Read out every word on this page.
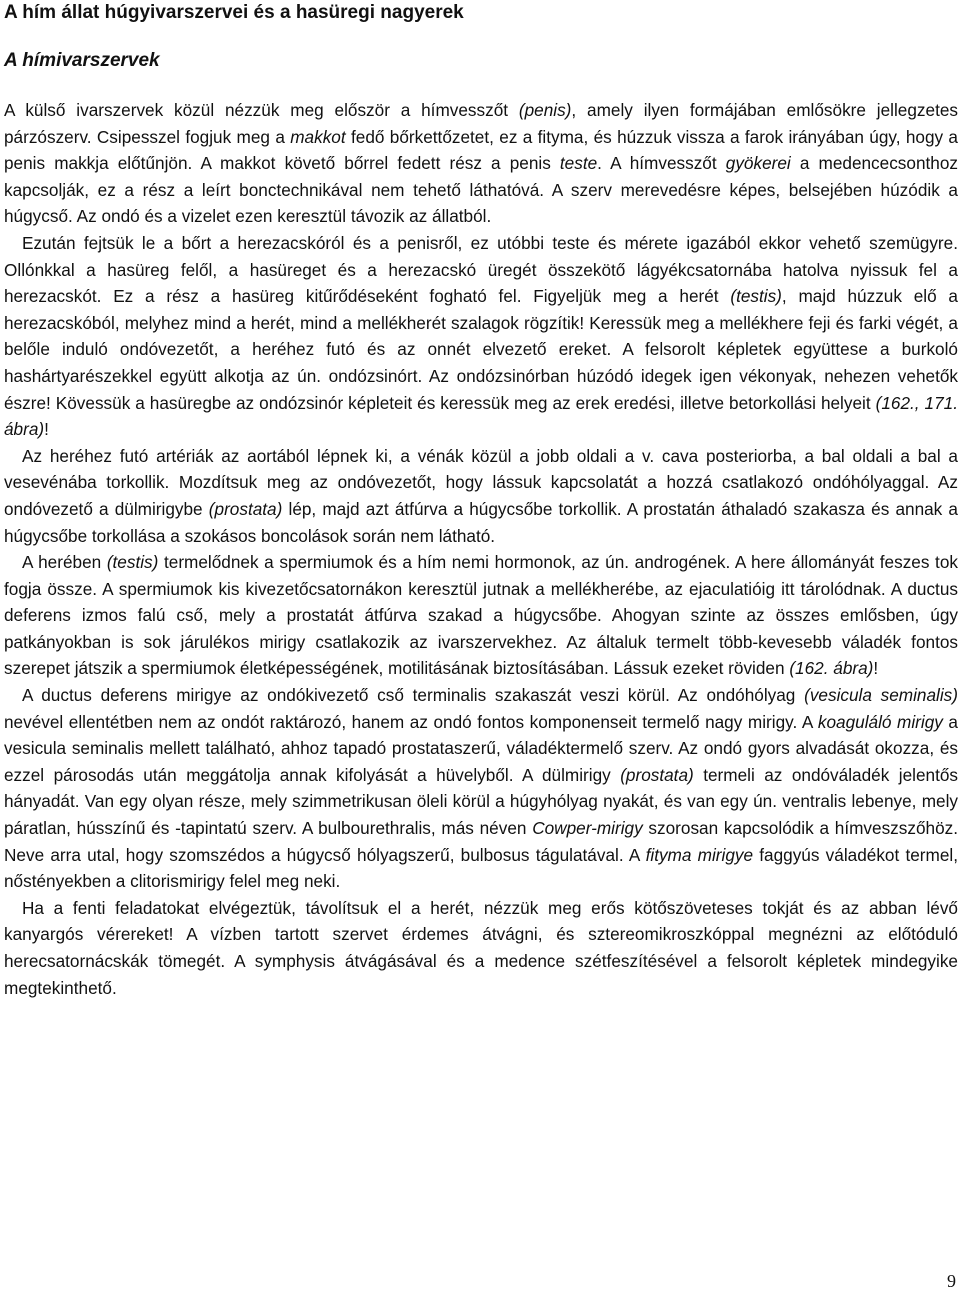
A hím állat húgyivarszervei és a hasüregi nagyerek
A hímivarszervek

A külső ivarszervek közül nézzük meg először a hímvesszőt (penis), amely ilyen formájában emlősökre jellegzetes párzószerv. Csipesszel fogjuk meg a makkot fedő bőrkettőzetet, ez a fityma, és húzzuk vissza a farok irányában úgy, hogy a penis makkja előtűnjön. A makkot követő bőrrel fedett rész a penis teste. A hímvesszőt gyökerei a medencecsonthoz kapcsolják, ez a rész a leírt bonctechnikával nem tehető láthatóvá. A szerv merevedésre képes, belsejében húzódik a húgycső. Az ondó és a vizelet ezen keresztül távozik az állatból.

Ezután fejtsük le a bőrt a herezacskóról és a penisről, ez utóbbi teste és mérete igazából ekkor vehető szemügyre. Ollónkkal a hasüreg felől, a hasüreget és a herezacskó üregét összekötő lágyékcsatornába hatolva nyissuk fel a herezacskót. Ez a rész a hasüreg kitűrődéseként fogható fel. Figyeljük meg a herét (testis), majd húzzuk elő a herezacskóból, melyhez mind a herét, mind a mellékherét szalagok rögzítik! Keressük meg a mellékhere feji és farki végét, a belőle induló ondóvezetőt, a heréhez futó és az onnét elvezető ereket. A felsorolt képletek együttese a burkoló hashártyarészekkel együtt alkotja az ún. ondózsinórt. Az ondózsinórban húzódó idegek igen vékonyak, nehezen vehetők észre! Kövessük a hasüregbe az ondózsinór képleteit és keressük meg az erek eredési, illetve betorkollási helyeit (162., 171. ábra)!

Az heréhez futó artériák az aortából lépnek ki, a vénák közül a jobb oldali a v. cava posteriorba, a bal oldali a bal a vesevénába torkollik. Mozdítsuk meg az ondóvezetőt, hogy lássuk kapcsolatát a hozzá csatlakozó ondóhólyaggal. Az ondóvezető a dülmirigybe (prostata) lép, majd azt átfúrva a húgycsőbe torkollik. A prostatán áthaladó szakasza és annak a húgycsőbe torkollása a szokásos boncolások során nem látható.

A herében (testis) termelődnek a spermiumok és a hím nemi hormonok, az ún. androgének. A here állományát feszes tok fogja össze. A spermiumok kis kivezetőcsatornákon keresztül jutnak a mellékherébe, az ejaculatióig itt tárolódnak. A ductus deferens izmos falú cső, mely a prostatát átfúrva szakad a húgycsőbe. Ahogyan szinte az összes emlősben, úgy patkányokban is sok járulékos mirigy csatlakozik az ivarszervekhez. Az általuk termelt több-kevesebb váladék fontos szerepet játszik a spermiumok életképességének, motilitásának biztosításában. Lássuk ezeket röviden (162. ábra)!

A ductus deferens mirigye az ondókivezető cső terminalis szakaszát veszi körül. Az ondóhólyag (vesicula seminalis) nevével ellentétben nem az ondót raktározó, hanem az ondó fontos komponenseit termelő nagy mirigy. A koaguláló mirigy a vesicula seminalis mellett található, ahhoz tapadó prostataszerű, váladéktermelő szerv. Az ondó gyors alvadását okozza, és ezzel párosodás után meggátolja annak kifolyását a hüvelyből. A dülmirigy (prostata) termeli az ondóváladék jelentős hányadát. Van egy olyan része, mely szimmetrikusan öleli körül a húgyhólyag nyakát, és van egy ún. ventralis lebenye, mely páratlan, hússzínű és -tapintatú szerv. A bulbourethralis, más néven Cowper-mirigy szorosan kapcsolódik a hímveszszőhöz. Neve arra utal, hogy szomszédos a húgycső hólyagszerű, bulbosus tágulatával. A fityma mirigye faggyús váladékot termel, nőstényekben a clitorismirigy felel meg neki.

Ha a fenti feladatokat elvégeztük, távolítsuk el a herét, nézzük meg erős kötőszöveteses tokját és az abban lévő kanyargós vérereket! A vízben tartott szervet érdemes átvágni, és sztereomikroszkóppal megnézni az előtóduló herecsatornácskák tömegét. A symphysis átvágásával és a medence szétfeszítésével a felsorolt képletek mindegyike megtekinthető.

9
